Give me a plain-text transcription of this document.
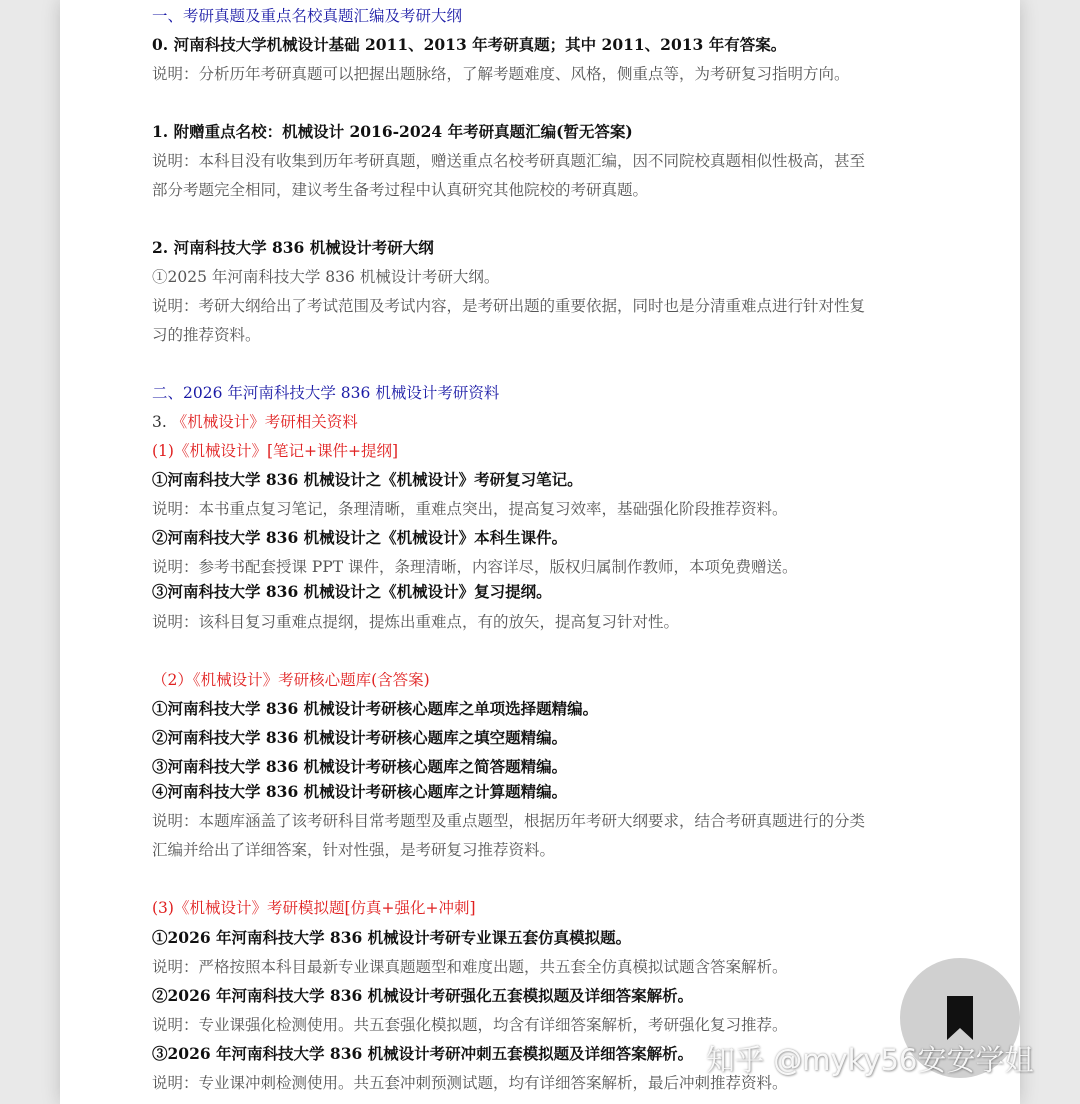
一、考研真题及重点名校真题汇编及考研大纲
0. 河南科技大学机械设计基础 2011、2013 年考研真题；其中 2011、2013 年有答案。
说明：分析历年考研真题可以把握出题脉络，了解考题难度、风格，侧重点等，为考研复习指明方向。
1. 附赠重点名校：机械设计 2016-2024 年考研真题汇编(暂无答案)
说明：本科目没有收集到历年考研真题，赠送重点名校考研真题汇编，因不同院校真题相似性极高，甚至
部分考题完全相同，建议考生备考过程中认真研究其他院校的考研真题。
2. 河南科技大学 836 机械设计考研大纲
①2025 年河南科技大学 836 机械设计考研大纲。
说明：考研大纲给出了考试范围及考试内容，是考研出题的重要依据，同时也是分清重难点进行针对性复
习的推荐资料。
二、2026 年河南科技大学 836 机械设计考研资料
3. 《机械设计》考研相关资料
(1)《机械设计》[笔记+课件+提纲]
①河南科技大学 836 机械设计之《机械设计》考研复习笔记。
说明：本书重点复习笔记，条理清晰，重难点突出，提高复习效率，基础强化阶段推荐资料。
②河南科技大学 836 机械设计之《机械设计》本科生课件。
说明：参考书配套授课 PPT 课件，条理清晰，内容详尽，版权归属制作教师，本项免费赠送。
③河南科技大学 836 机械设计之《机械设计》复习提纲。
说明：该科目复习重难点提纲，提炼出重难点，有的放矢，提高复习针对性。
（2）《机械设计》考研核心题库(含答案)
①河南科技大学 836 机械设计考研核心题库之单项选择题精编。
②河南科技大学 836 机械设计考研核心题库之填空题精编。
③河南科技大学 836 机械设计考研核心题库之简答题精编。
④河南科技大学 836 机械设计考研核心题库之计算题精编。
说明：本题库涵盖了该考研科目常考题型及重点题型，根据历年考研大纲要求，结合考研真题进行的分类
汇编并给出了详细答案，针对性强，是考研复习推荐资料。
(3)《机械设计》考研模拟题[仿真+强化+冲刺]
①2026 年河南科技大学 836 机械设计考研专业课五套仿真模拟题。
说明：严格按照本科目最新专业课真题题型和难度出题，共五套全仿真模拟试题含答案解析。
②2026 年河南科技大学 836 机械设计考研强化五套模拟题及详细答案解析。
说明：专业课强化检测使用。共五套强化模拟题，均含有详细答案解析，考研强化复习推荐。
③2026 年河南科技大学 836 机械设计考研冲刺五套模拟题及详细答案解析。
说明：专业课冲刺检测使用。共五套冲刺预测试题，均有详细答案解析，最后冲刺推荐资料。
知乎 @myky56安安学姐
